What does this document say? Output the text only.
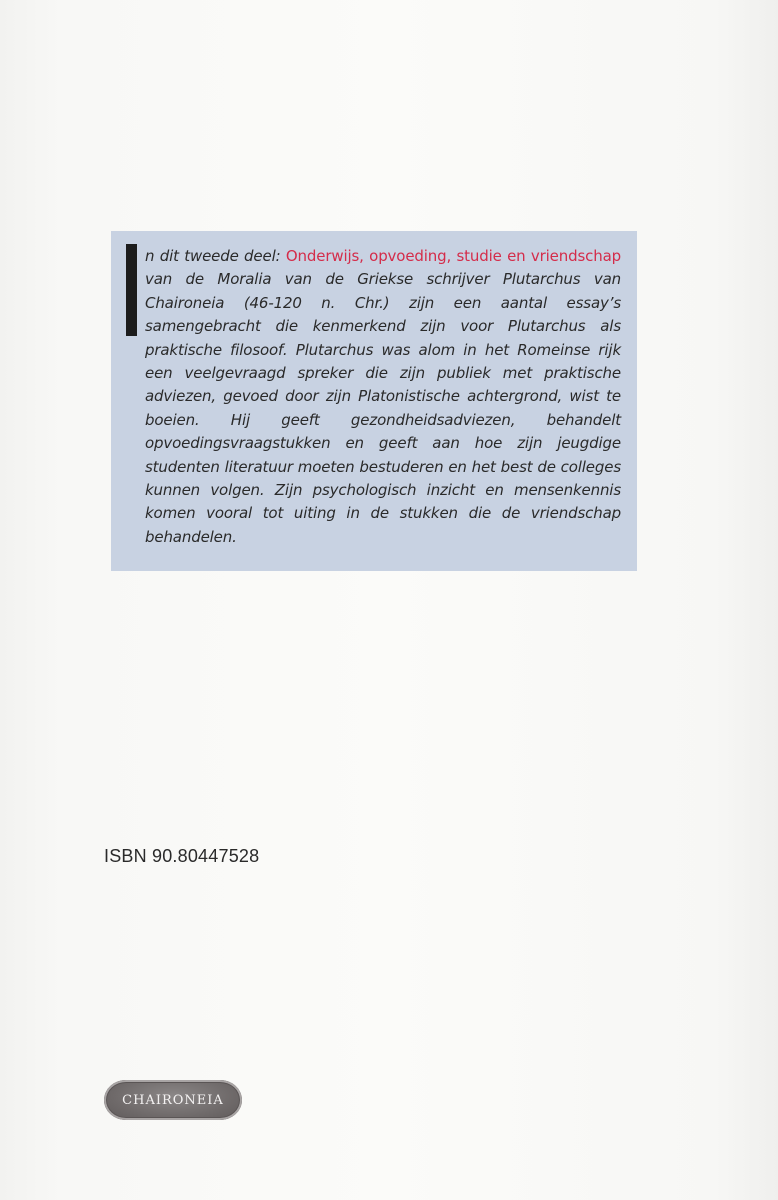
n dit tweede deel: Onderwijs, opvoeding, studie en vriendschap van de Moralia van de Griekse schrijver Plutarchus van Chaironeia (46-120 n. Chr.) zijn een aantal essay’s samengebracht die kenmerkend zijn voor Plutarchus als praktische filosoof. Plutarchus was alom in het Romeinse rijk een veelgevraagd spreker die zijn publiek met praktische adviezen, gevoed door zijn Platonistische achtergrond, wist te boeien. Hij geeft gezondheidsadviezen, behandelt opvoedingsvraagstukken en geeft aan hoe zijn jeugdige studenten literatuur moeten bestuderen en het best de colleges kunnen volgen. Zijn psychologisch inzicht en mensenkennis komen vooral tot uiting in de stukken die de vriendschap behandelen.

ISBN 90.80447528
CHAIRONEIA
